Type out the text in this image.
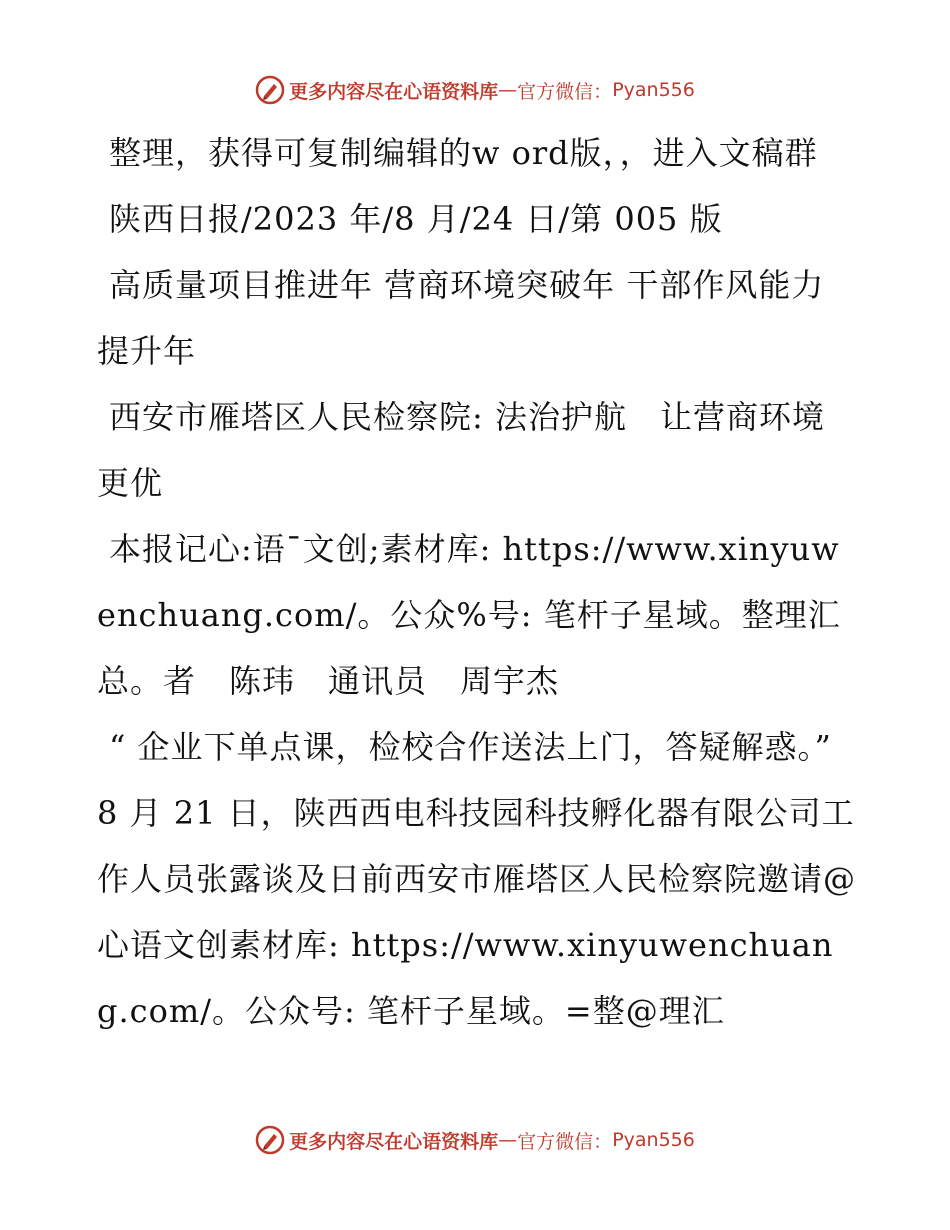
更多内容尽在心语资料库 — 官方微信： Pyan556

整理，获得可复制编辑的w ord版，，进入文稿群

陕西日报/2023 年/8 月/24 日/第 005 版

高质量项目推进年 营商环境突破年 干部作风能力提升年

西安市雁塔区人民检察院: 法治护航　让营商环境更优

本报记心:语¯文创;素材库: https://www.xinyuwenchuang.com/。公众%号: 笔杆子星域。整理汇总。者　陈玮　通讯员　周宇杰

“ 企业下单点课，检校合作送法上门，答疑解惑。” 8 月 21 日，陕西西电科技园科技孵化器有限公司工作人员张露谈及日前西安市雁塔区人民检察院邀请@心语文创素材库: https://www.xinyuwenchuang.com/。公众号: 笔杆子星域。=整@理汇

更多内容尽在心语资料库 — 官方微信： Pyan556
